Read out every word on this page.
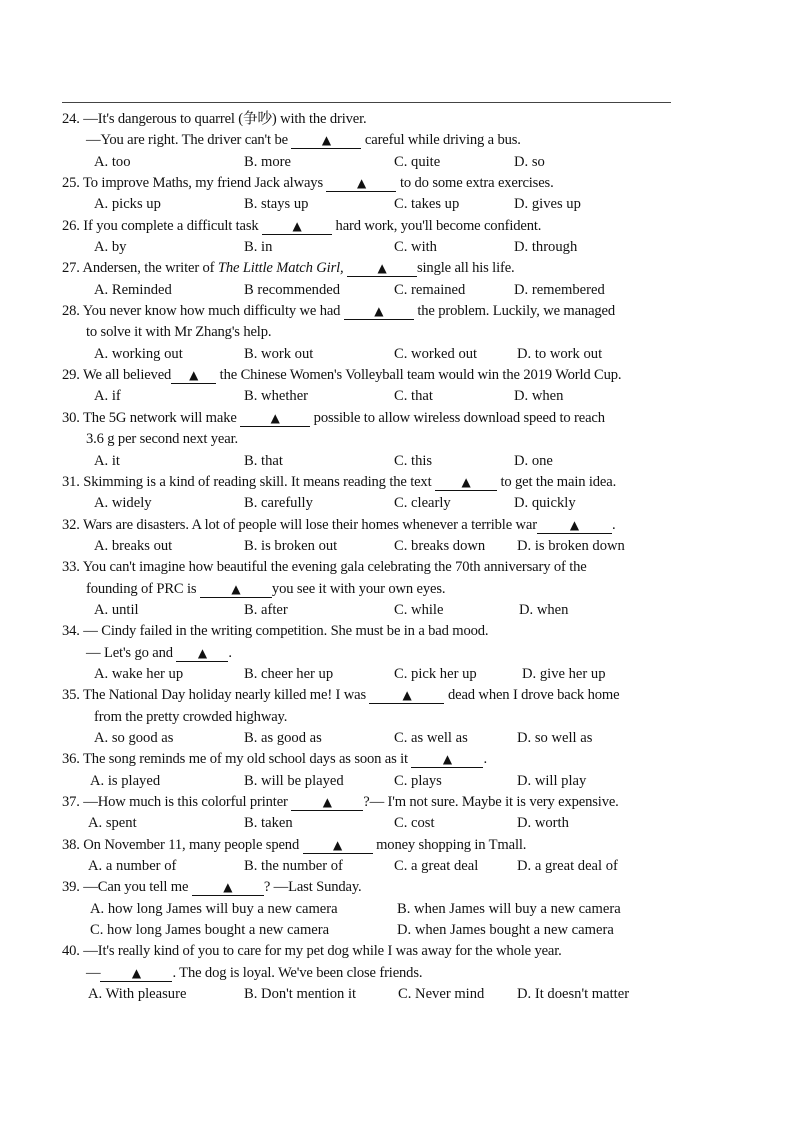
24. —It's dangerous to quarrel (争吵) with the driver.
—You are right. The driver can't be	▲ careful while driving a bus.
A. too	B. more	C. quite	D. so
25. To improve Maths, my friend Jack always	▲ to do some extra exercises.
A. picks up	B. stays up	C. takes up	D. gives up
26. If you complete a difficult task	▲ hard work, you'll become confident.
A. by	B. in	C. with	D. through
27. Andersen, the writer of The Little Match Girl,	▲ single all his life.
A. Reminded	B recommended	C. remained	D. remembered
28. You never know how much difficulty we had	▲ the problem. Luckily, we managed
to solve it with Mr Zhang's help.
A. working out	B. work out	C. worked out	D. to work out
29. We all believed ▲ the Chinese Women's Volleyball team would win the 2019 World Cup.
A. if	B. whether	C. that	D. when
30. The 5G network will make	▲ possible to allow wireless download speed to reach
3.6 g per second next year.
A. it	B. that	C. this	D. one
31. Skimming is a kind of reading skill. It means reading the text ▲ to get the main idea.
A. widely	B. carefully	C. clearly	D. quickly
32. Wars are disasters. A lot of people will lose their homes whenever a terrible war	▲ .
A. breaks out	B. is broken out	C. breaks down D. is broken down
33. You can't imagine how beautiful the evening gala celebrating the 70th anniversary of the
founding of PRC is	▲ you see it with your own eyes.
A. until	B. after	C. while	D. when
34. — Cindy failed in the writing competition. She must be in a bad mood.
— Let's go and ▲ .
A. wake her up	B. cheer her up	C. pick her up	D. give her up
35. The National Day holiday nearly killed me! I was	▲ dead when I drove back home
from the pretty crowded highway.
A. so good as	B. as good as	C. as well as	D. so well as
36. The song reminds me of my old school days as soon as it	▲ .
A. is played	B. will be played	C. plays	D. will play
37. —How much is this colorful printer	▲ ?— I'm not sure. Maybe it is very expensive.
A. spent	B. taken	C. cost	D. worth
38. On November 11, many people spend	▲ money shopping in Tmall.
A. a number of	B. the number of	C. a great deal	D. a great deal of
39. —Can you tell me	▲ ? —Last Sunday.
A. how long James will buy a new camera	B. when James will buy a new camera
C. how long James bought a new camera	D. when James bought a new camera
40. —It's really kind of you to care for my pet dog while I was away for the whole year.
—	▲ . The dog is loyal. We've been close friends.
A. With pleasure	B. Don't mention it	C. Never mind D. It doesn't matter
